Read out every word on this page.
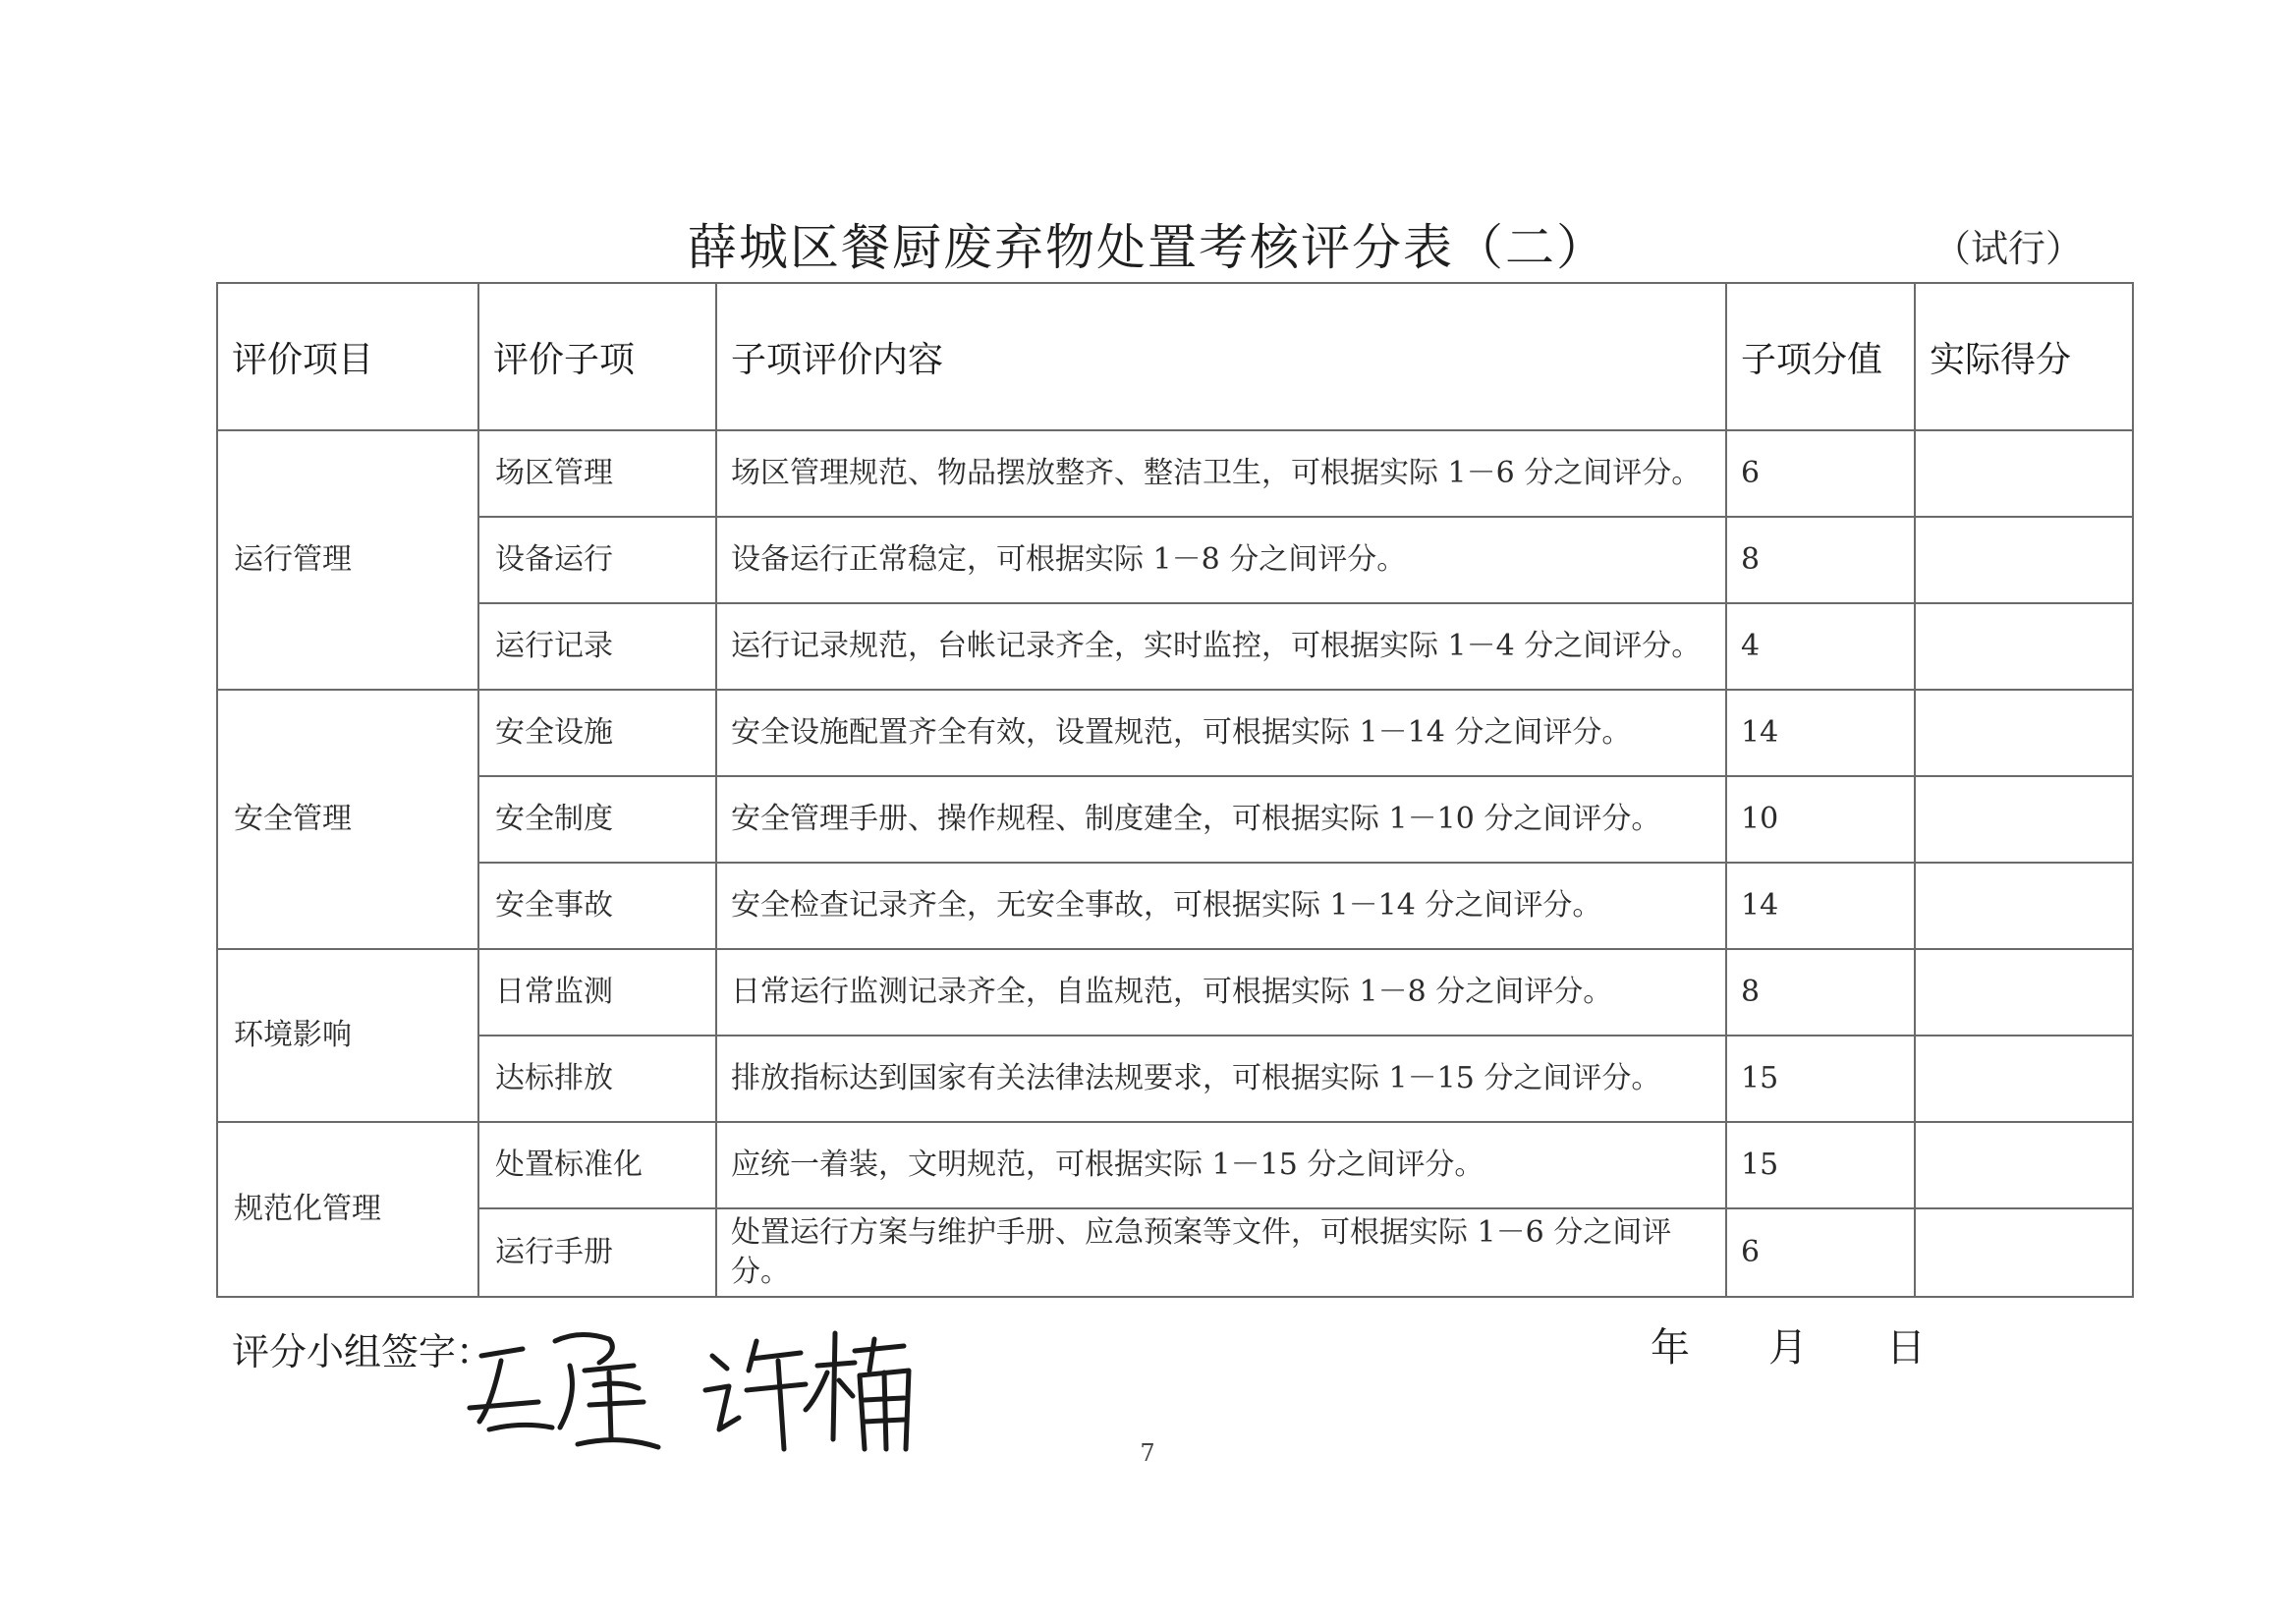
薛城区餐厨废弃物处置考核评分表（二）	（试行）
评价项目	评价子项	子项评价内容	子项分值	实际得分
运行管理	场区管理	场区管理规范、物品摆放整齐、整洁卫生，可根据实际 1－6 分之间评分。	6	
	设备运行	设备运行正常稳定，可根据实际 1－8 分之间评分。	8	
	运行记录	运行记录规范，台帐记录齐全，实时监控，可根据实际 1－4 分之间评分。	4	
安全管理	安全设施	安全设施配置齐全有效，设置规范，可根据实际 1－14 分之间评分。	14	
	安全制度	安全管理手册、操作规程、制度建全，可根据实际 1－10 分之间评分。	10	
	安全事故	安全检查记录齐全，无安全事故，可根据实际 1－14 分之间评分。	14	
环境影响	日常监测	日常运行监测记录齐全，自监规范，可根据实际 1－8 分之间评分。	8	
	达标排放	排放指标达到国家有关法律法规要求，可根据实际 1－15 分之间评分。	15	
规范化管理	处置标准化	应统一着装，文明规范，可根据实际 1－15 分之间评分。	15	
	运行手册	处置运行方案与维护手册、应急预案等文件，可根据实际 1－6 分之间评分。	6	
评分小组签字：	年 月 日
7
